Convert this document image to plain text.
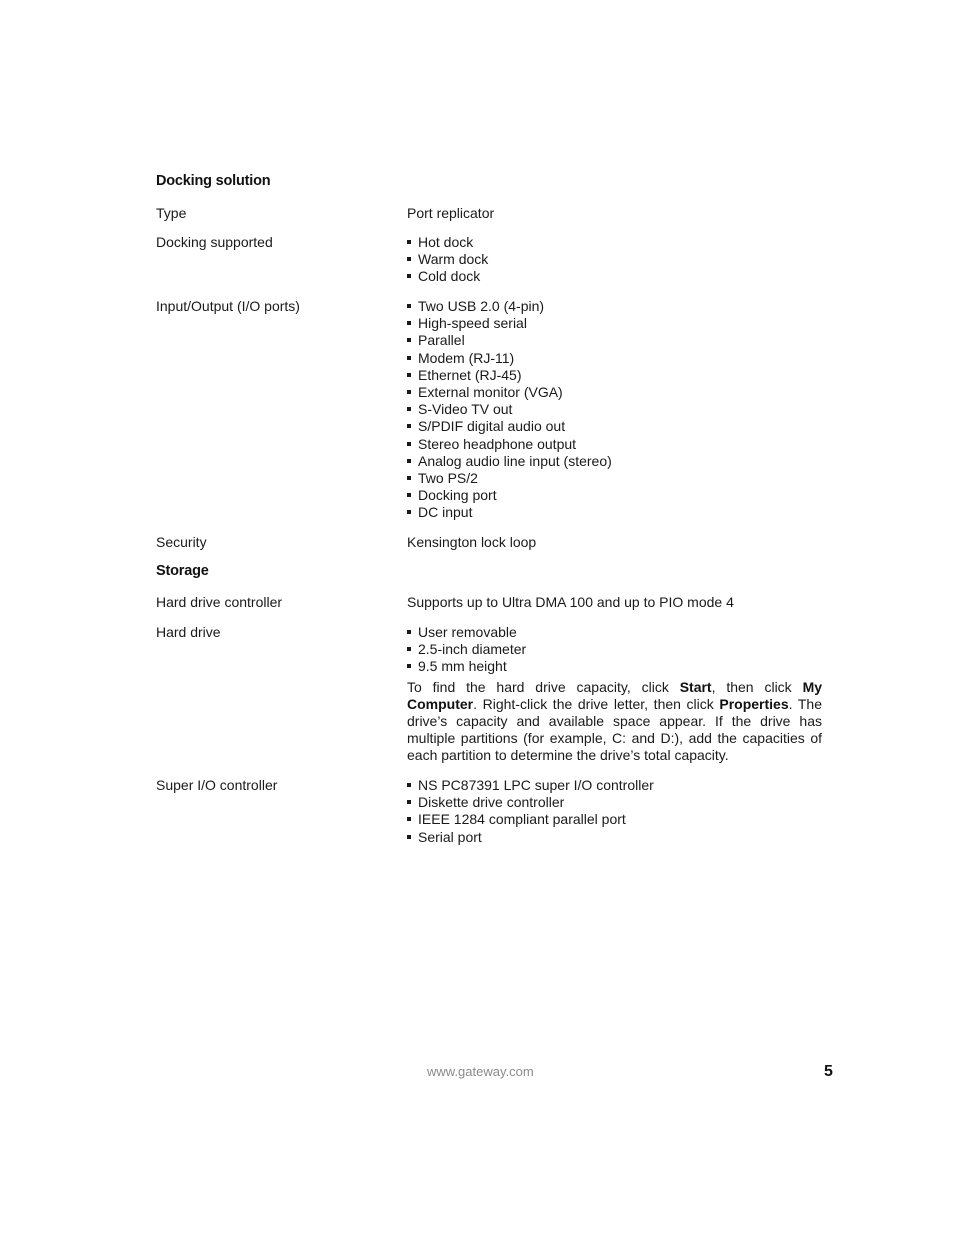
Docking solution
Type	Port replicator
Docking supported	Hot dock
Warm dock
Cold dock
Input/Output (I/O ports)	Two USB 2.0 (4-pin)
High-speed serial
Parallel
Modem (RJ-11)
Ethernet (RJ-45)
External monitor (VGA)
S-Video TV out
S/PDIF digital audio out
Stereo headphone output
Analog audio line input (stereo)
Two PS/2
Docking port
DC input
Security	Kensington lock loop
Storage
Hard drive controller	Supports up to Ultra DMA 100 and up to PIO mode 4
Hard drive	User removable
2.5-inch diameter
9.5 mm height
To find the hard drive capacity, click Start, then click My Computer. Right-click the drive letter, then click Properties. The drive’s capacity and available space appear. If the drive has multiple partitions (for example, C: and D:), add the capacities of each partition to determine the drive’s total capacity.
Super I/O controller	NS PC87391 LPC super I/O controller
Diskette drive controller
IEEE 1284 compliant parallel port
Serial port
www.gateway.com	5
